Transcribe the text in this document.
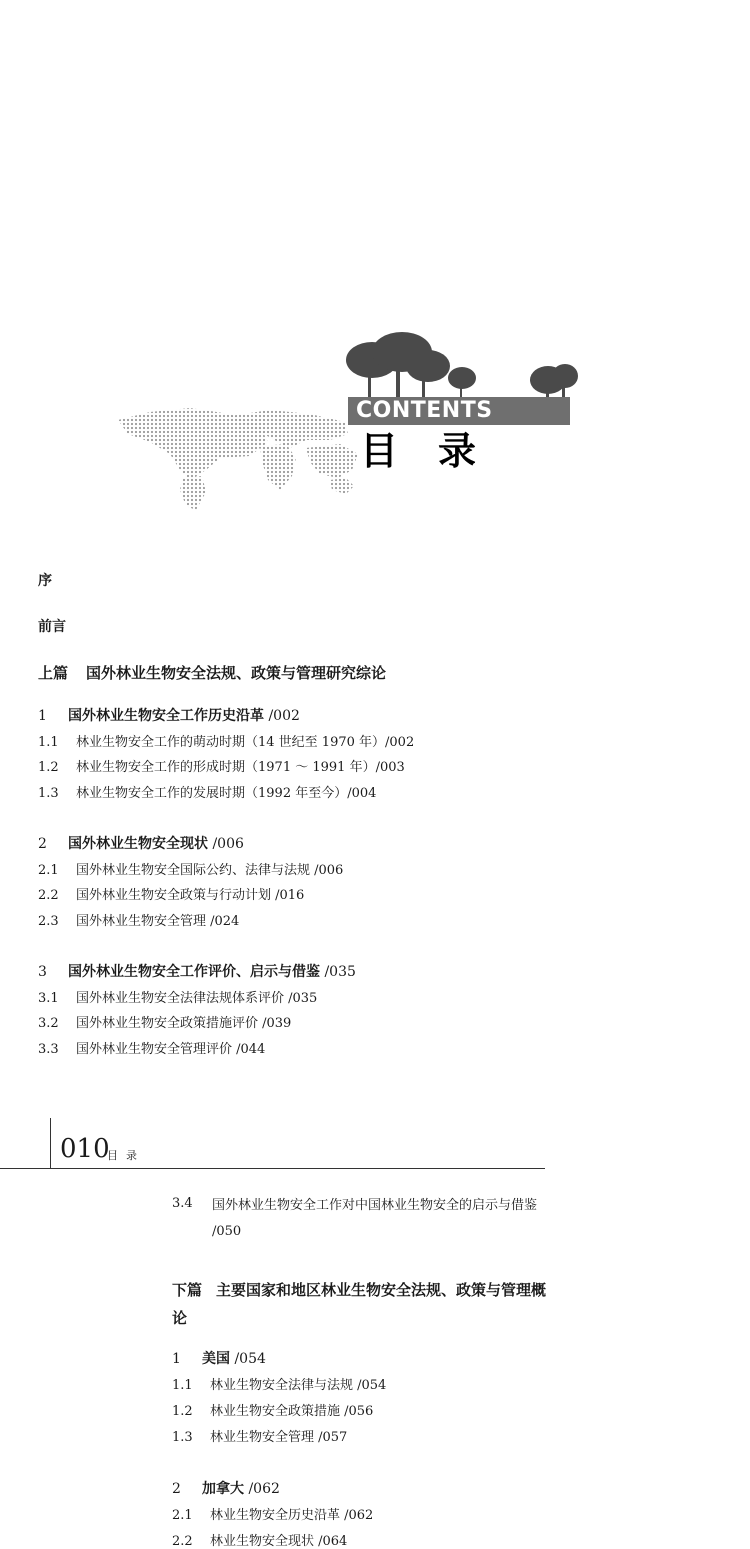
CONTENTS
目录
序
前言
上篇 国外林业生物安全法规、政策与管理研究综论
1 国外林业生物安全工作历史沿革 /002
1.1 林业生物安全工作的萌动时期（14 世纪至 1970 年）/002
1.2 林业生物安全工作的形成时期（1971 ～ 1991 年）/003
1.3 林业生物安全工作的发展时期（1992 年至今）/004
2 国外林业生物安全现状 /006
2.1 国外林业生物安全国际公约、法律与法规 /006
2.2 国外林业生物安全政策与行动计划 /016
2.3 国外林业生物安全管理 /024
3 国外林业生物安全工作评价、启示与借鉴 /035
3.1 国外林业生物安全法律法规体系评价 /035
3.2 国外林业生物安全政策措施评价 /039
3.3 国外林业生物安全管理评价 /044
010
目录
3.4	国外林业生物安全工作对中国林业生物安全的启示与借鉴 /050
下篇 主要国家和地区林业生物安全法规、政策与管理概论
1 美国 /054
1.1 林业生物安全法律与法规 /054
1.2 林业生物安全政策措施 /056
1.3 林业生物安全管理 /057
2 加拿大 /062
2.1 林业生物安全历史沿革 /062
2.2 林业生物安全现状 /064
